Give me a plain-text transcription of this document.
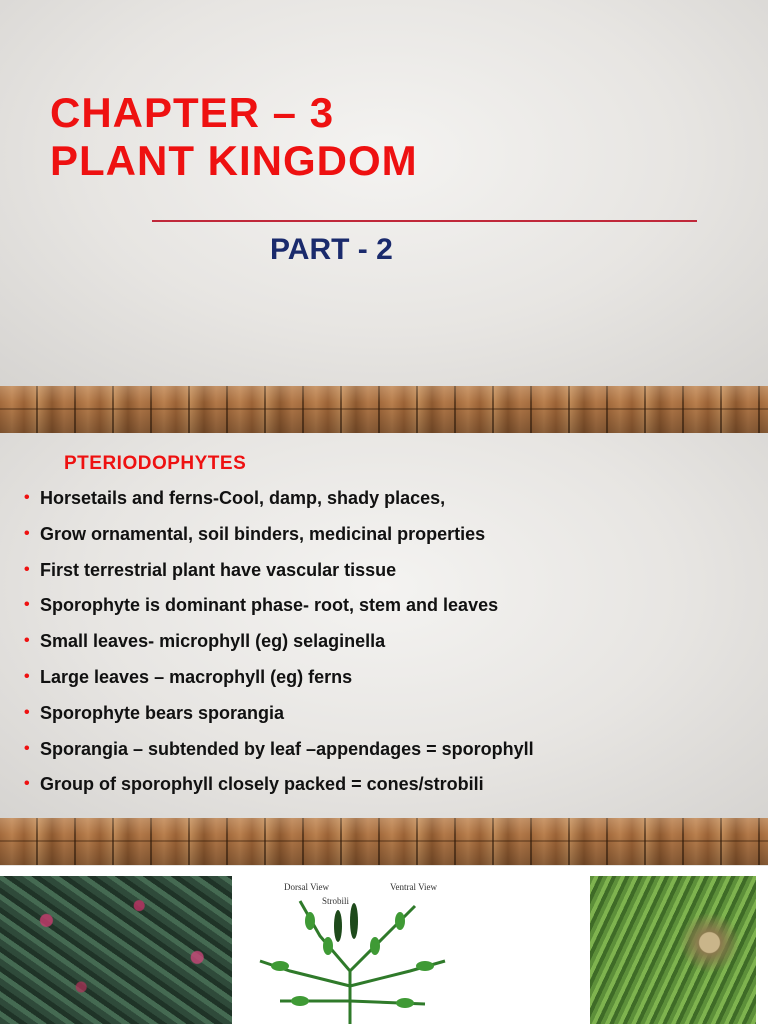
CHAPTER – 3
PLANT KINGDOM
PART - 2
PTERIODOPHYTES
• Horsetails and ferns-Cool, damp, shady places,
• Grow ornamental, soil binders, medicinal properties
• First terrestrial plant have vascular tissue
• Sporophyte is dominant phase- root, stem and leaves
• Small leaves- microphyll (eg) selaginella
• Large leaves – macrophyll (eg) ferns
• Sporophyte bears sporangia
• Sporangia – subtended by leaf –appendages = sporophyll
• Group of sporophyll closely packed = cones/strobili
Dorsal View
Strobili
Ventral View
